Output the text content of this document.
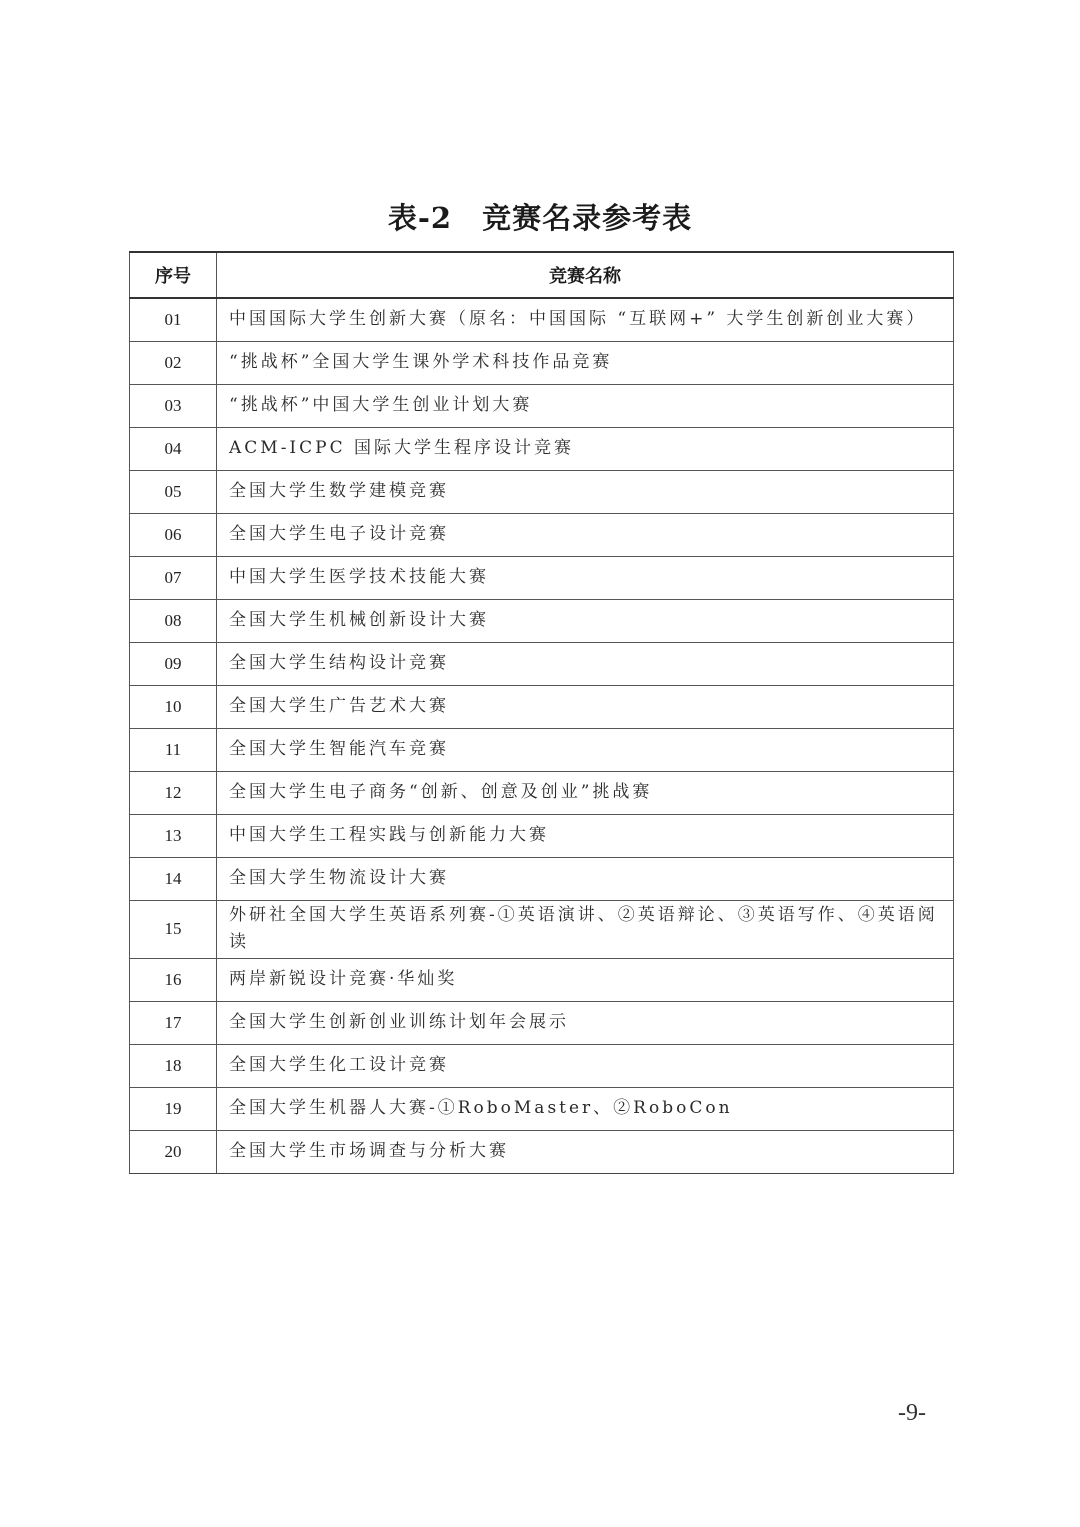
表-2　竞赛名录参考表
序号	竞赛名称
01	中国国际大学生创新大赛（原名：中国国际 “互联网+” 大学生创新创业大赛）
02	“挑战杯”全国大学生课外学术科技作品竞赛
03	“挑战杯”中国大学生创业计划大赛
04	ACM-ICPC 国际大学生程序设计竞赛
05	全国大学生数学建模竞赛
06	全国大学生电子设计竞赛
07	中国大学生医学技术技能大赛
08	全国大学生机械创新设计大赛
09	全国大学生结构设计竞赛
10	全国大学生广告艺术大赛
11	全国大学生智能汽车竞赛
12	全国大学生电子商务“创新、创意及创业”挑战赛
13	中国大学生工程实践与创新能力大赛
14	全国大学生物流设计大赛
15	外研社全国大学生英语系列赛-①英语演讲、②英语辩论、③英语写作、④英语阅读
16	两岸新锐设计竞赛·华灿奖
17	全国大学生创新创业训练计划年会展示
18	全国大学生化工设计竞赛
19	全国大学生机器人大赛-①RoboMaster、②RoboCon
20	全国大学生市场调查与分析大赛
-9-
